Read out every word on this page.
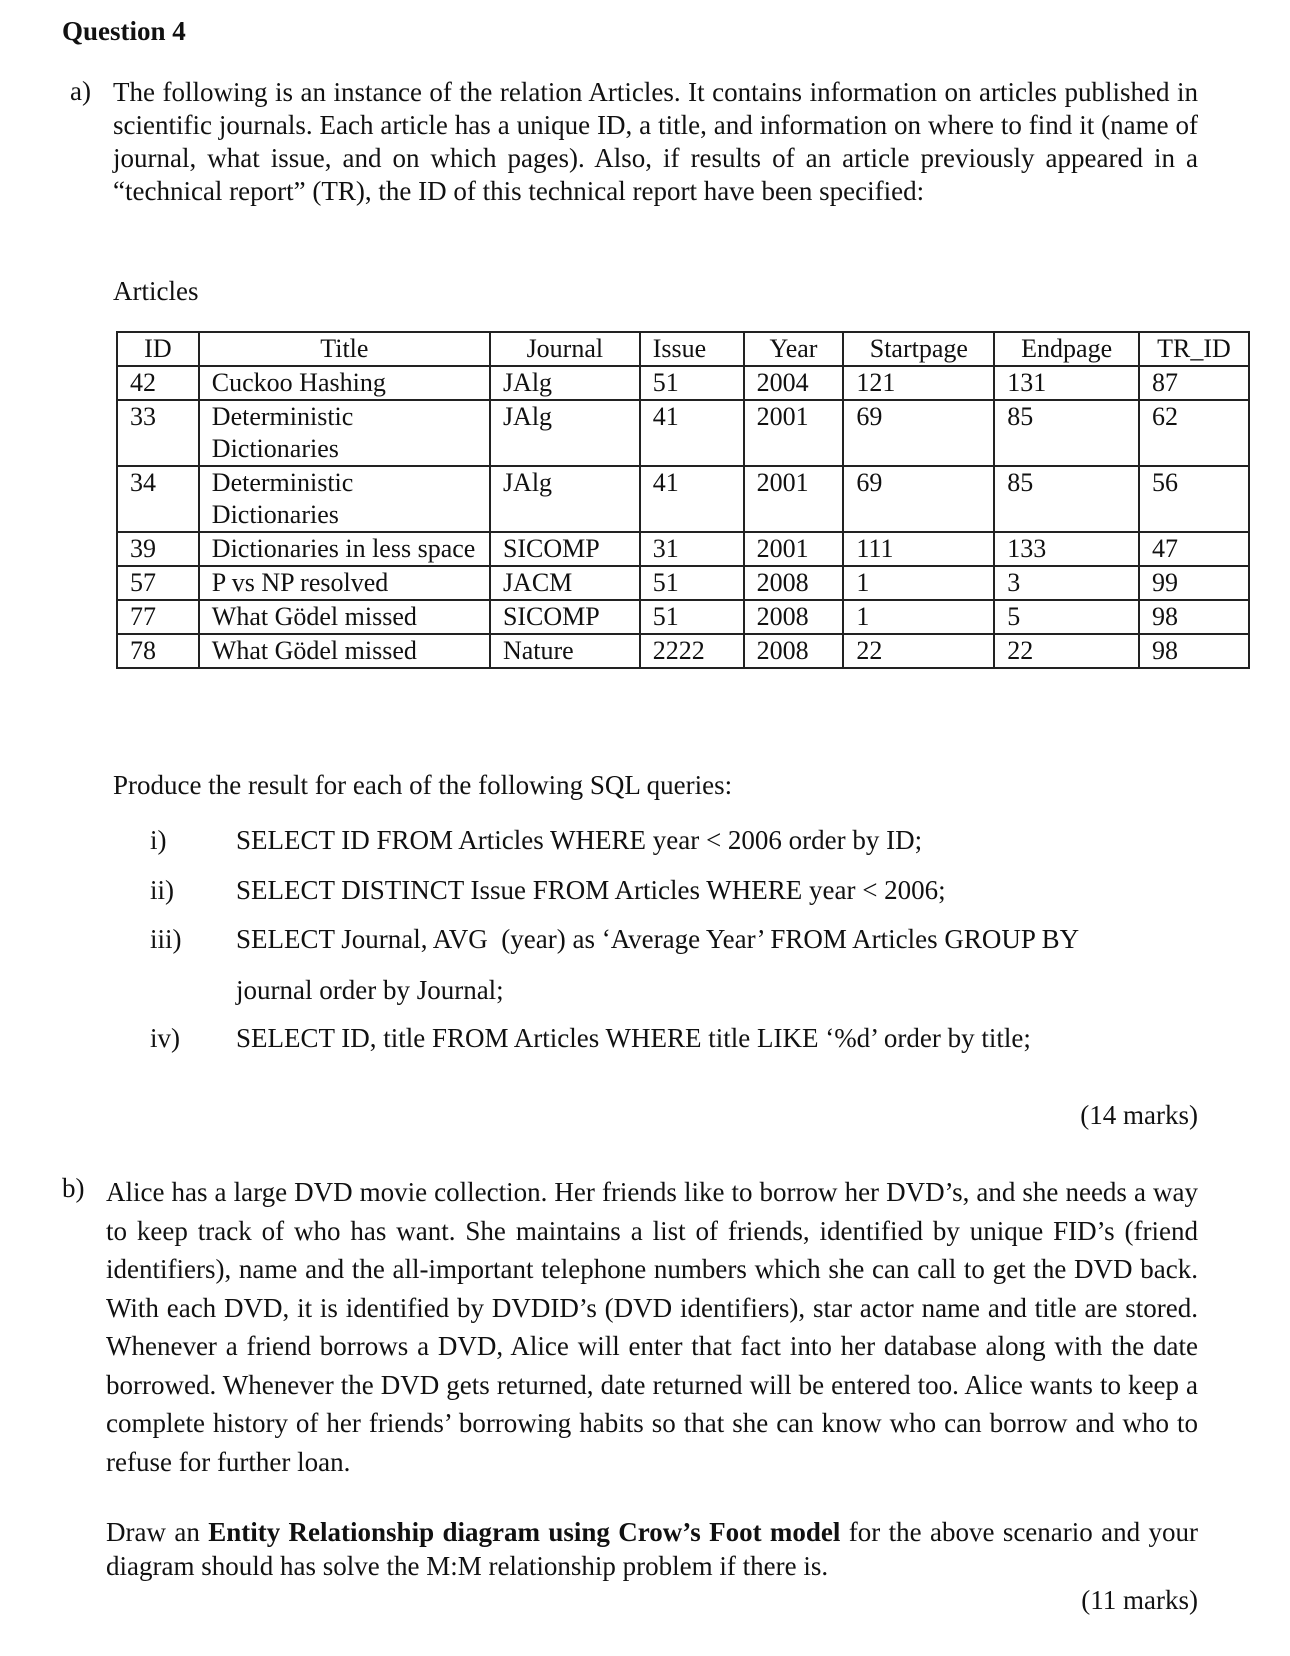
Question 4
a) The following is an instance of the relation Articles. It contains information on articles published in scientific journals. Each article has a unique ID, a title, and information on where to find it (name of journal, what issue, and on which pages). Also, if results of an article previously appeared in a “technical report” (TR), the ID of this technical report have been specified:
Articles
ID	Title	Journal	Issue	Year	Startpage	Endpage	TR_ID
42	Cuckoo Hashing	JAlg	51	2004	121	131	87
33	Deterministic Dictionaries	JAlg	41	2001	69	85	62
34	Deterministic Dictionaries	JAlg	41	2001	69	85	56
39	Dictionaries in less space	SICOMP	31	2001	111	133	47
57	P vs NP resolved	JACM	51	2008	1	3	99
77	What Gödel missed	SICOMP	51	2008	1	5	98
78	What Gödel missed	Nature	2222	2008	22	22	98
Produce the result for each of the following SQL queries:
i)	SELECT ID FROM Articles WHERE year < 2006 order by ID;
ii) SELECT DISTINCT Issue FROM Articles WHERE year < 2006;
iii) SELECT Journal, AVG  (year) as ‘Average Year’ FROM Articles GROUP BY
journal order by Journal;
iv) SELECT ID, title FROM Articles WHERE title LIKE ‘%d’ order by title;
(14 marks)
b) Alice has a large DVD movie collection. Her friends like to borrow her DVD’s, and she needs a way to keep track of who has want. She maintains a list of friends, identified by unique FID’s (friend identifiers), name and the all-important telephone numbers which she can call to get the DVD back. With each DVD, it is identified by DVDID’s (DVD identifiers), star actor name and title are stored. Whenever a friend borrows a DVD, Alice will enter that fact into her database along with the date borrowed. Whenever the DVD gets returned, date returned will be entered too. Alice wants to keep a complete history of her friends’ borrowing habits so that she can know who can borrow and who to refuse for further loan.
Draw an Entity Relationship diagram using Crow’s Foot model for the above scenario and your diagram should has solve the M:M relationship problem if there is.
(11 marks)
